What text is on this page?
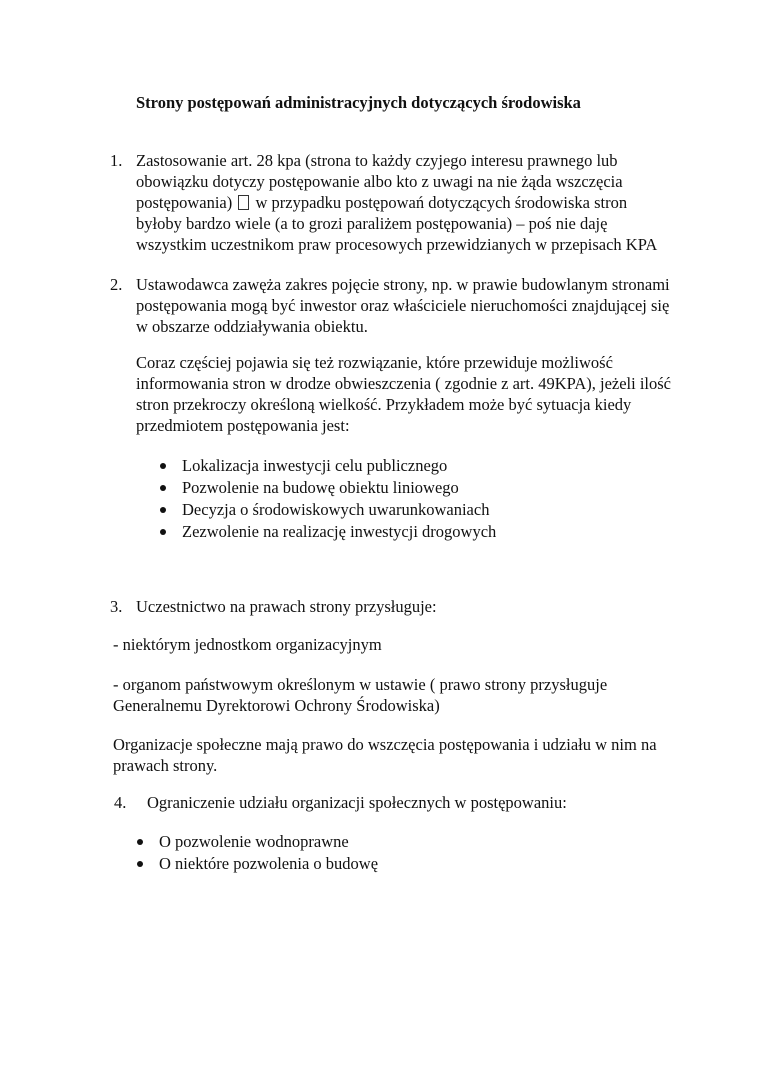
Strony postępowań administracyjnych dotyczących środowiska
1. Zastosowanie art. 28 kpa (strona to każdy czyjego interesu prawnego lub obowiązku dotyczy postępowanie albo kto z uwagi na nie żąda wszczęcia postępowania) w przypadku postępowań dotyczących środowiska stron byłoby bardzo wiele (a to grozi paraliżem postępowania) – poś nie daję wszystkim uczestnikom praw procesowych przewidzianych w przepisach KPA

2. Ustawodawca zawęża zakres pojęcie strony, np. w prawie budowlanym stronami postępowania mogą być inwestor oraz właściciele nieruchomości znajdującej się w obszarze oddziaływania obiektu.

Coraz częściej pojawia się też rozwiązanie, które przewiduje możliwość informowania stron w drodze obwieszczenia ( zgodnie z art. 49KPA), jeżeli ilość stron przekroczy określoną wielkość. Przykładem może być sytuacja kiedy przedmiotem postępowania jest:

Lokalizacja inwestycji celu publicznego
Pozwolenie na budowę obiektu liniowego
Decyzja o środowiskowych uwarunkowaniach
Zezwolenie na realizację inwestycji drogowych
3. Uczestnictwo na prawach strony przysługuje:

- niektórym jednostkom organizacyjnym
- organom państwowym określonym w ustawie ( prawo strony przysługuje Generalnemu Dyrektorowi Ochrony Środowiska)
Organizacje społeczne mają prawo do wszczęcia postępowania i udziału w nim na prawach strony.
4. Ograniczenie udziału organizacji społecznych w postępowaniu:

O pozwolenie wodnoprawne
O niektóre pozwolenia o budowę
